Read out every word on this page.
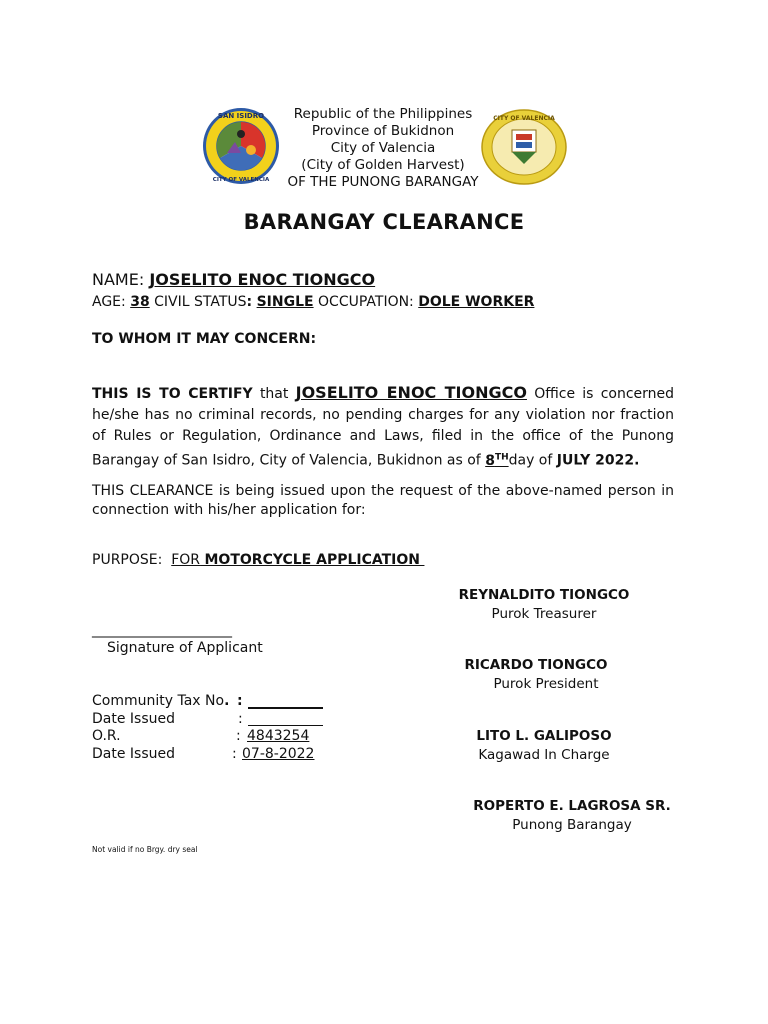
SAN ISIDRO
CITY OF VALENCIA
Republic of the Philippines
Province of Bukidnon
City of Valencia
(City of Golden Harvest)
OF THE PUNONG BARANGAY
CITY OF VALENCIA
BARANGAY CLEARANCE
NAME: JOSELITO ENOC TIONGCO
AGE: 38 CIVIL STATUS: SINGLE OCCUPATION: DOLE WORKER
TO WHOM IT MAY CONCERN:
THIS IS TO CERTIFY that JOSELITO ENOC TIONGCO Office is concerned he/she has no criminal records, no pending charges for any violation nor fraction of Rules or Regulation, Ordinance and Laws, filed in the office of the Punong Barangay of San Isidro, City of Valencia, Bukidnon as of 8THday of JULY 2022.
THIS CLEARANCE is being issued upon the request of the above-named person in connection with his/her application for:
PURPOSE: FOR MOTORCYCLE APPLICATION
REYNALDITO TIONGCO
Purok Treasurer
____________________
Signature of Applicant
RICARDO TIONGCO
Purok President
Community Tax No. :
Date Issued	:
O.R.	: 4843254
Date Issued	: 07-8-2022
LITO L. GALIPOSO
Kagawad In Charge
ROPERTO E. LAGROSA SR.
Punong Barangay
Not valid if no Brgy. dry seal
